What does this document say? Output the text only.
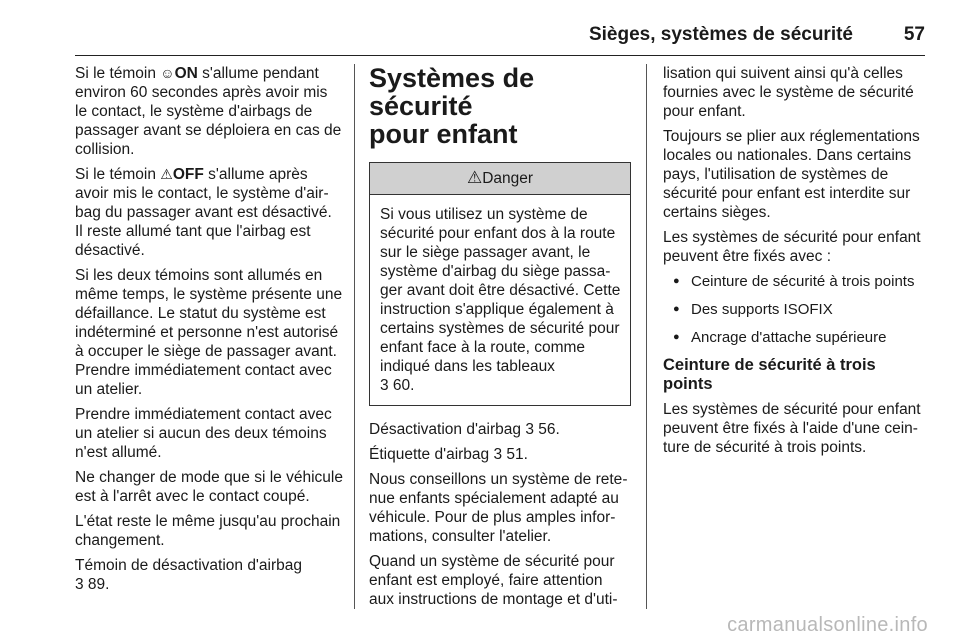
Sièges, systèmes de sécurité	57

Si le témoin ☺ON s'allume pendant environ 60 secondes après avoir mis le contact, le système d'airbags de passager avant se déploiera en cas de collision.

Si le témoin ⚠OFF s'allume après avoir mis le contact, le système d'airbag du passager avant est désactivé. Il reste allumé tant que l'airbag est désactivé.

Si les deux témoins sont allumés en même temps, le système présente une défaillance. Le statut du système est indéterminé et personne n'est autorisé à occuper le siège de passager avant. Prendre immédiatement contact avec un atelier.

Prendre immédiatement contact avec un atelier si aucun des deux témoins n'est allumé.

Ne changer de mode que si le véhicule est à l'arrêt avec le contact coupé.

L'état reste le même jusqu'au prochain changement.

Témoin de désactivation d'airbag
3 89.

Systèmes de sécurité
pour enfant
⚠Danger
Si vous utilisez un système de sécurité pour enfant dos à la route sur le siège passager avant, le système d'airbag du siège passager avant doit être désactivé. Cette instruction s'applique également à certains systèmes de sécurité pour enfant face à la route, comme indiqué dans les tableaux
3 60.

Désactivation d'airbag 3 56.

Étiquette d'airbag 3 51.

Nous conseillons un système de retenue enfants spécialement adapté au véhicule. Pour de plus amples informations, consulter l'atelier.

Quand un système de sécurité pour enfant est employé, faire attention aux instructions de montage et d'uti-

lisation qui suivent ainsi qu'à celles fournies avec le système de sécurité pour enfant.

Toujours se plier aux réglementations locales ou nationales. Dans certains pays, l'utilisation de systèmes de sécurité pour enfant est interdite sur certains sièges.

Les systèmes de sécurité pour enfant peuvent être fixés avec :

● Ceinture de sécurité à trois points
● Des supports ISOFIX
● Ancrage d'attache supérieure
Ceinture de sécurité à trois points

Les systèmes de sécurité pour enfant peuvent être fixés à l'aide d'une ceinture de sécurité à trois points.

carmanualsonline.info
